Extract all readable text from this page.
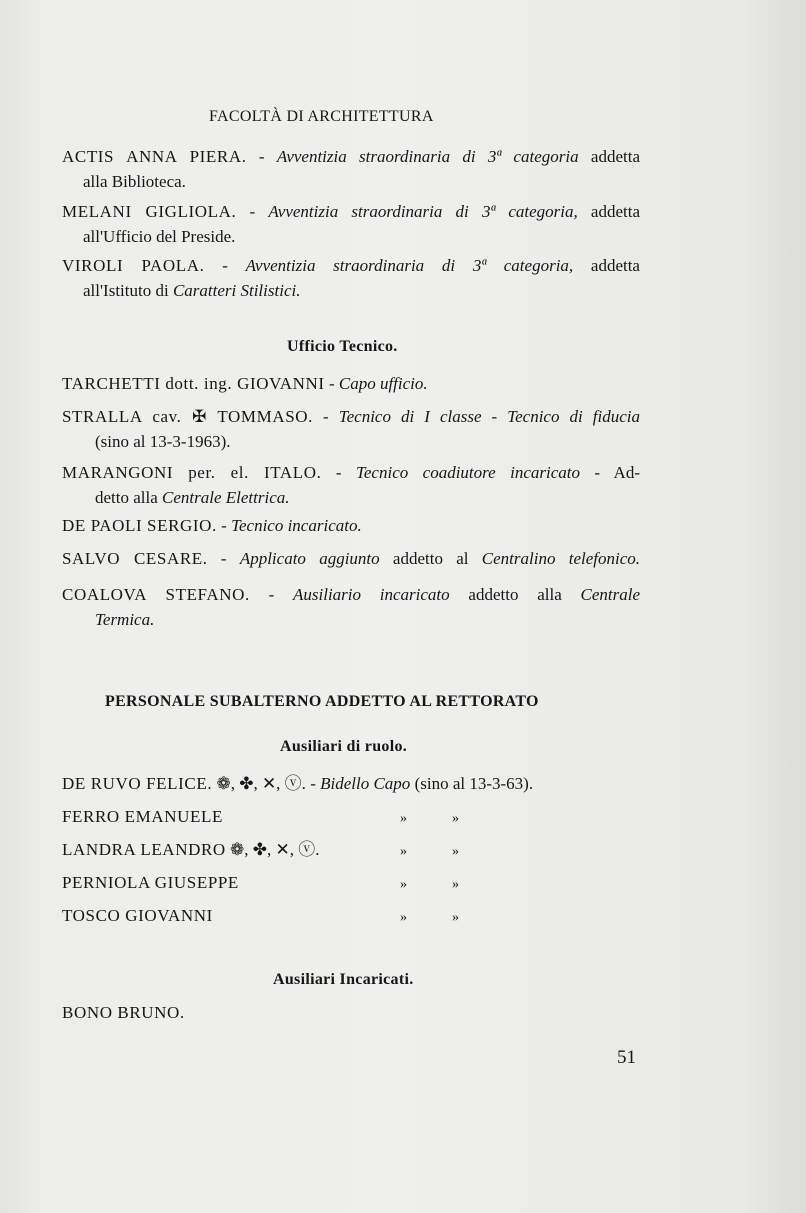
FACOLTÀ DI ARCHITETTURA

ACTIS ANNA PIERA. - Avventizia straordinaria di 3ª categoria addetta
alla Biblioteca.
MELANI GIGLIOLA. - Avventizia straordinaria di 3ª categoria, addetta
all'Ufficio del Preside.
VIROLI PAOLA. - Avventizia straordinaria di 3ª categoria, addetta
all'Istituto di Caratteri Stilistici.

Ufficio Tecnico.

TARCHETTI dott. ing. GIOVANNI - Capo ufficio.
STRALLA cav. ✠ TOMMASO. - Tecnico di I classe - Tecnico di fiducia
(sino al 13-3-1963).
MARANGONI per. el. ITALO. - Tecnico coadiutore incaricato - Ad-
detto alla Centrale Elettrica.
DE PAOLI SERGIO. - Tecnico incaricato.
SALVO CESARE. - Applicato aggiunto addetto al Centralino telefonico.
COALOVA STEFANO. - Ausiliario incaricato addetto alla Centrale
Termica.

PERSONALE SUBALTERNO ADDETTO AL RETTORATO

Ausiliari di ruolo.

DE RUVO FELICE. ❁, ✤, ✕, ⓥ. - Bidello Capo (sino al 13-3-63).
FERRO EMANUELE	»	»
LANDRA LEANDRO ❁, ✤, ✕, ⓥ.	»	»
PERNIOLA GIUSEPPE	»	»
TOSCO GIOVANNI	»	»

Ausiliari Incaricati.

BONO BRUNO.

51
